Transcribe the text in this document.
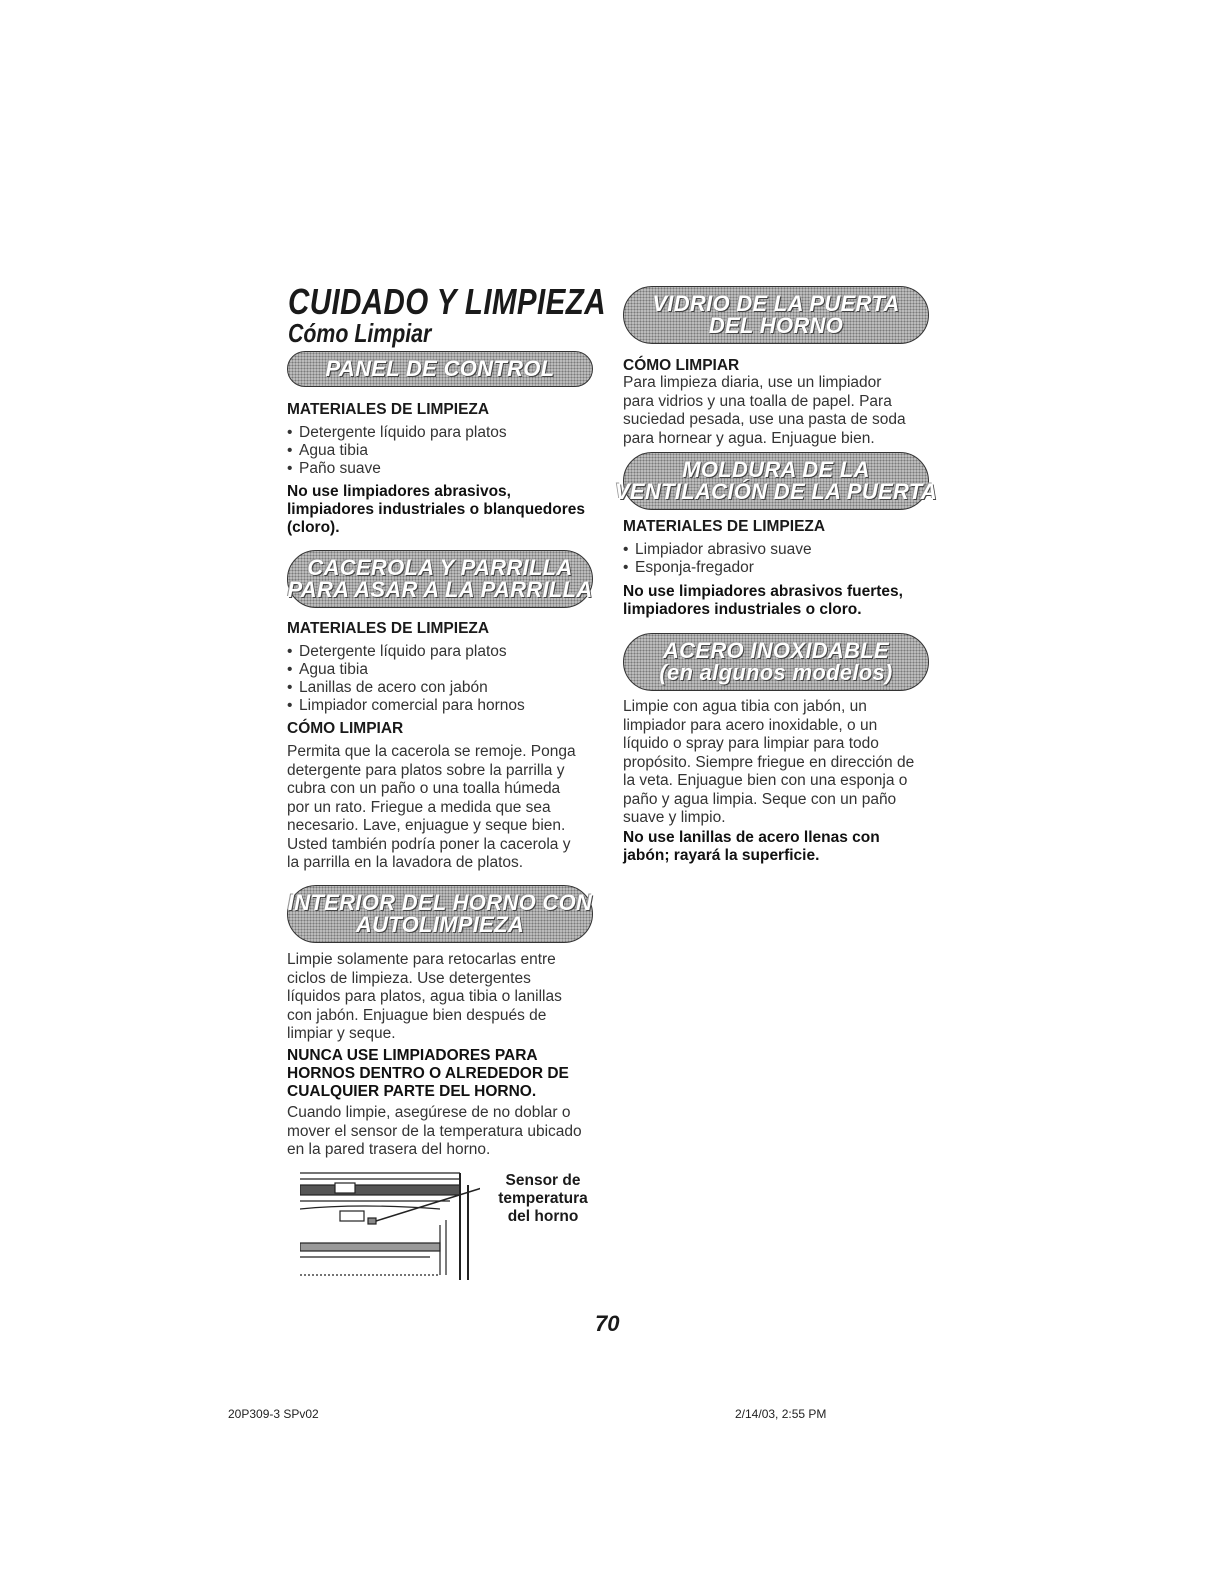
CUIDADO Y LIMPIEZA
Cómo Limpiar
PANEL DE CONTROL

MATERIALES DE LIMPIEZA

• Detergente líquido para platos
• Agua tibia
• Paño suave

No use limpiadores abrasivos,

limpiadores industriales o blanquedores

(cloro).

CACEROLA Y PARRILLA
PARA ASAR A LA PARRILLA

MATERIALES DE LIMPIEZA

• Detergente líquido para platos
• Agua tibia
• Lanillas de acero con jabón
• Limpiador comercial para hornos

CÓMO LIMPIAR

Permita que la cacerola se remoje. Ponga

detergente para platos sobre la parrilla y

cubra con un paño o una toalla húmeda

por un rato. Friegue a medida que sea

necesario. Lave, enjuague y seque bien.

Usted también podría poner la cacerola y

la parrilla en la lavadora de platos.

INTERIOR DEL HORNO CON
AUTOLIMPIEZA

Limpie solamente para retocarlas entre

ciclos de limpieza. Use detergentes

líquidos para platos, agua tibia o lanillas

con jabón. Enjuague bien después de

limpiar y seque.

NUNCA USE LIMPIADORES PARA

HORNOS DENTRO O ALREDEDOR DE

CUALQUIER PARTE DEL HORNO.

Cuando limpie, asegúrese de no doblar o

mover el sensor de la temperatura ubicado

en la pared trasera del horno.

Sensor de

temperatura

del horno

VIDRIO DE LA PUERTA
DEL HORNO

CÓMO LIMPIAR

Para limpieza diaria, use un limpiador

para vidrios y una toalla de papel. Para

suciedad pesada, use una pasta de soda

para hornear y agua. Enjuague bien.

MOLDURA DE LA
VENTILACIÓN DE LA PUERTA

MATERIALES DE LIMPIEZA

• Limpiador abrasivo suave
• Esponja-fregador

No use limpiadores abrasivos fuertes,

limpiadores industriales o cloro.

ACERO INOXIDABLE
(en algunos modelos)

Limpie con agua tibia con jabón, un

limpiador para acero inoxidable, o un

líquido o spray para limpiar para todo

propósito. Siempre friegue en dirección de

la veta. Enjuague bien con una esponja o

paño y agua limpia. Seque con un paño

suave y limpio.

No use lanillas de acero llenas con

jabón; rayará la superficie.

70

20P309-3 SPv02	2/14/03, 2:55 PM
